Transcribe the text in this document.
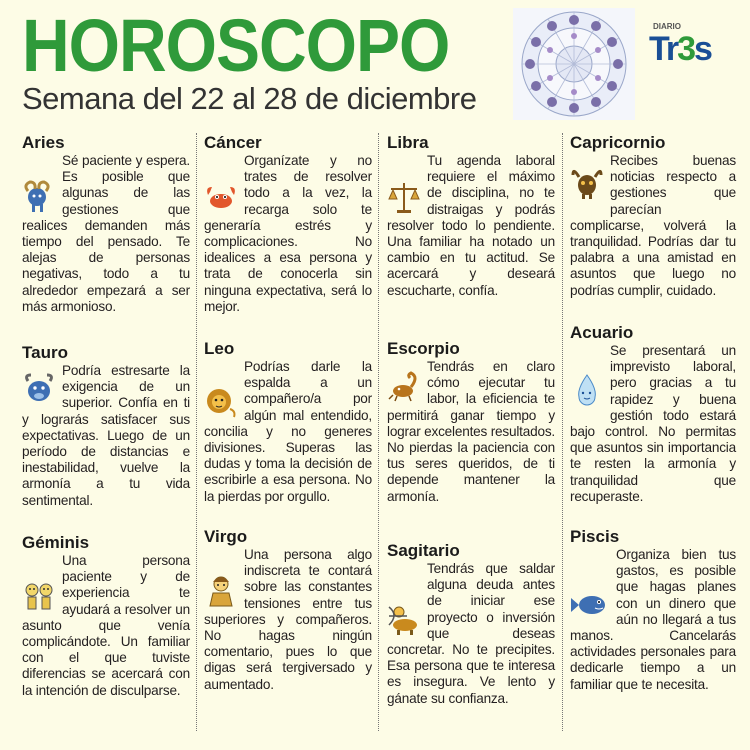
HOROSCOPO
Semana del 22 al 28 de diciembre
DIARIO
Tr3s
Aries

Sé paciente y espera. Es posible que algunas de las gestiones que realices demanden más tiempo del pensado. Te alejas de personas negativas, todo a tu alrededor empezará a ser más armonioso.

Tauro

Podría estresarte la exigencia de un superior. Confía en ti y lograrás satisfacer sus expectativas. Luego de un período de distancias e inestabilidad, vuelve la armonía a tu vida sentimental.

Géminis

Una persona paciente y de experiencia te ayudará a resolver un asunto que venía complicándote. Un familiar con el que tuviste diferencias se acercará con la intención de disculparse.

Cáncer

Organízate y no trates de resolver todo a la vez, la recarga solo te generaría estrés y complicaciones. No idealices a esa persona y trata de conocerla sin ninguna expectativa, será lo mejor.

Leo

Podrías darle la espalda a un compañero/a por algún mal entendido, concilia y no generes divisiones. Superas las dudas y toma la decisión de escribirle a esa persona. No la pierdas por orgullo.

Virgo

Una persona algo indiscreta te contará sobre las constantes tensiones entre tus superiores y compañeros. No hagas ningún comentario, pues lo que digas será tergiversado y aumentado.

Libra

Tu agenda laboral requiere el máximo de disciplina, no te distraigas y podrás resolver todo lo pendiente. Una familiar ha notado un cambio en tu actitud. Se acercará y deseará escucharte, confía.

Escorpio

Tendrás en claro cómo ejecutar tu labor, la eficiencia te permitirá ganar tiempo y lograr excelentes resultados. No pierdas la paciencia con tus seres queridos, de ti depende mantener la armonía.

Sagitario

Tendrás que saldar alguna deuda antes de iniciar ese proyecto o inversión que deseas concretar. No te precipites. Esa persona que te interesa es insegura. Ve lento y gánate su confianza.

Capricornio

Recibes buenas noticias respecto a gestiones que parecían complicarse, volverá la tranquilidad. Podrías dar tu palabra a una amistad en asuntos que luego no podrías cumplir, cuidado.

Acuario

Se presentará un imprevisto laboral, pero gracias a tu rapidez y buena gestión todo estará bajo control. No permitas que asuntos sin importancia te resten la armonía y tranquilidad que recuperaste.

Piscis

Organiza bien tus gastos, es posible que hagas planes con un dinero que aún no llegará a tus manos. Cancelarás actividades personales para dedicarle tiempo a un familiar que te necesita.
